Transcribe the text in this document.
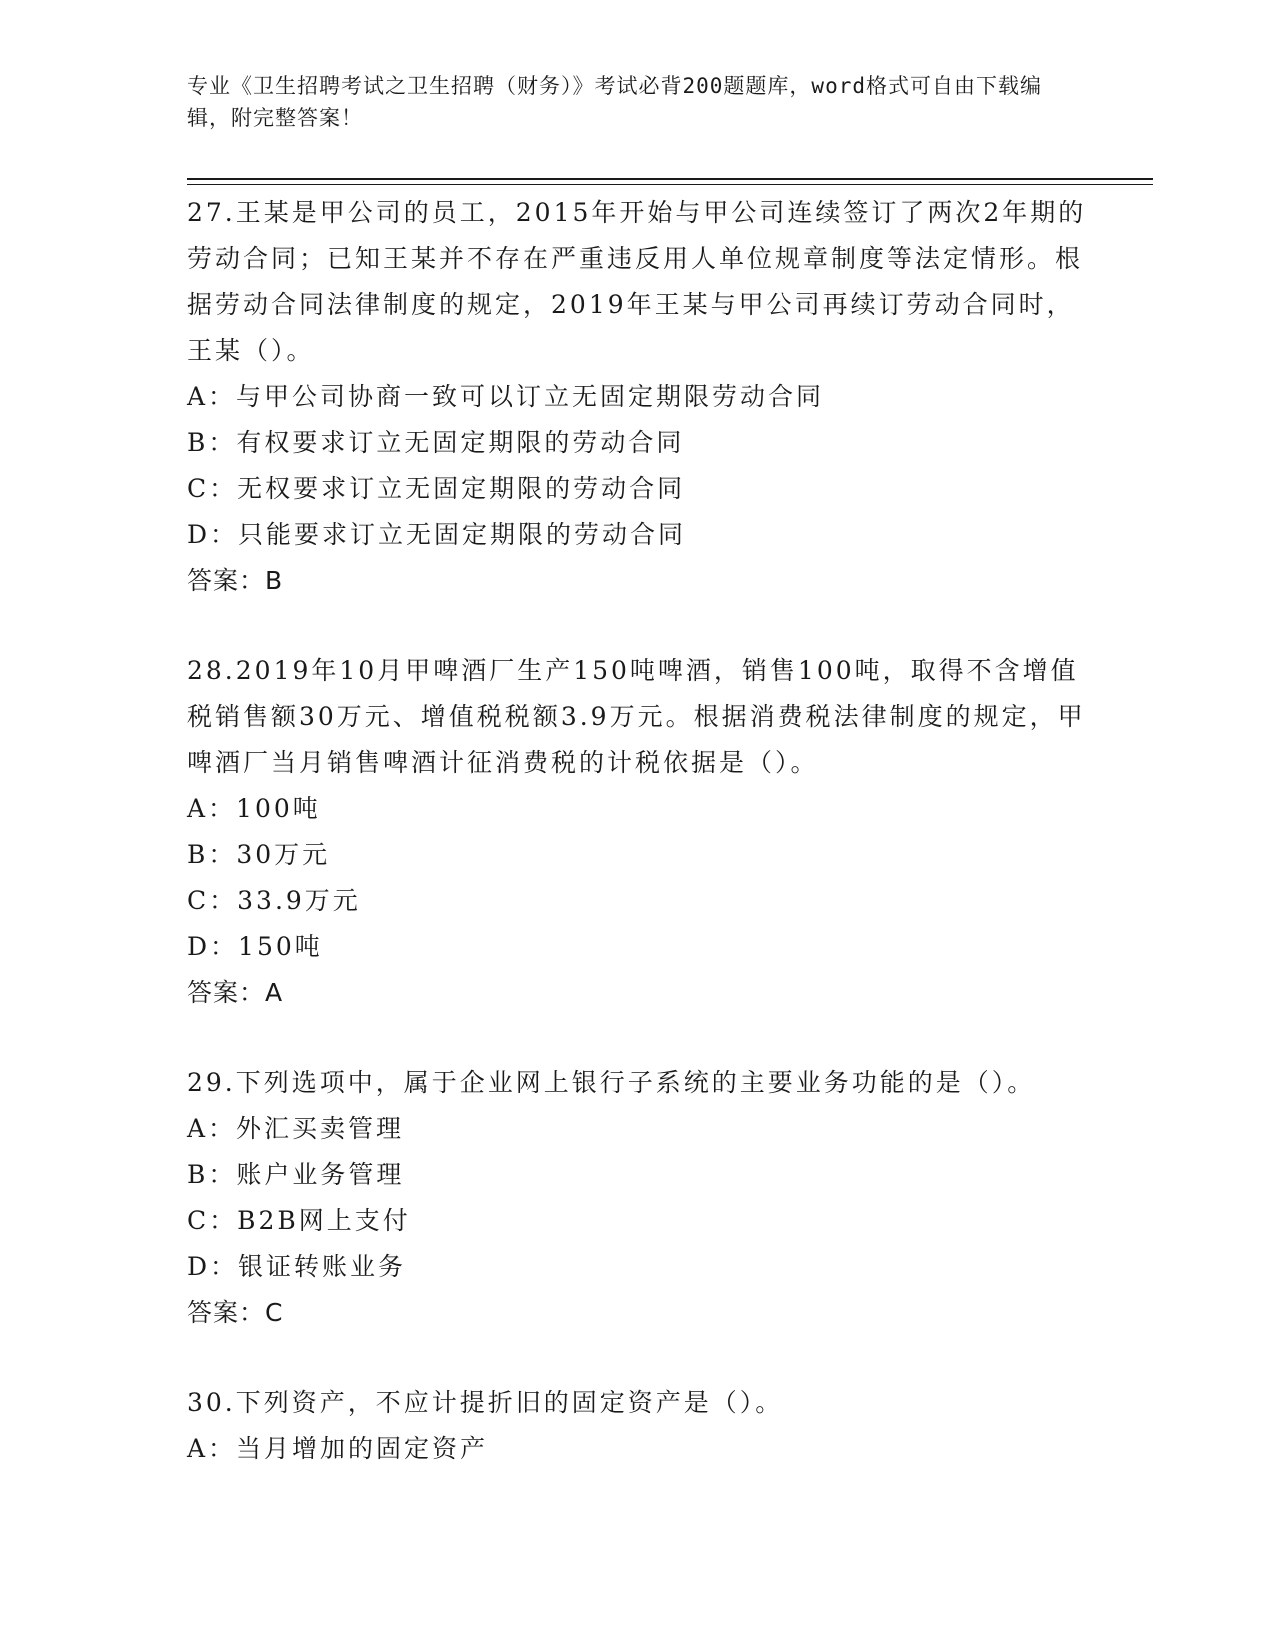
专业《卫生招聘考试之卫生招聘（财务）》考试必背200题题库，word格式可自由下载编辑，附完整答案！

27.王某是甲公司的员工，2015年开始与甲公司连续签订了两次2年期的劳动合同；已知王某并不存在严重违反用人单位规章制度等法定情形。根据劳动合同法律制度的规定，2019年王某与甲公司再续订劳动合同时，王某（）。

A：与甲公司协商一致可以订立无固定期限劳动合同

B：有权要求订立无固定期限的劳动合同

C：无权要求订立无固定期限的劳动合同

D：只能要求订立无固定期限的劳动合同

答案：B

28.2019年10月甲啤酒厂生产150吨啤酒，销售100吨，取得不含增值税销售额30万元、增值税税额3.9万元。根据消费税法律制度的规定，甲啤酒厂当月销售啤酒计征消费税的计税依据是（）。

A：100吨

B：30万元

C：33.9万元

D：150吨

答案：A

29.下列选项中，属于企业网上银行子系统的主要业务功能的是（）。

A：外汇买卖管理

B：账户业务管理

C：B2B网上支付

D：银证转账业务

答案：C

30.下列资产，不应计提折旧的固定资产是（）。

A：当月增加的固定资产
